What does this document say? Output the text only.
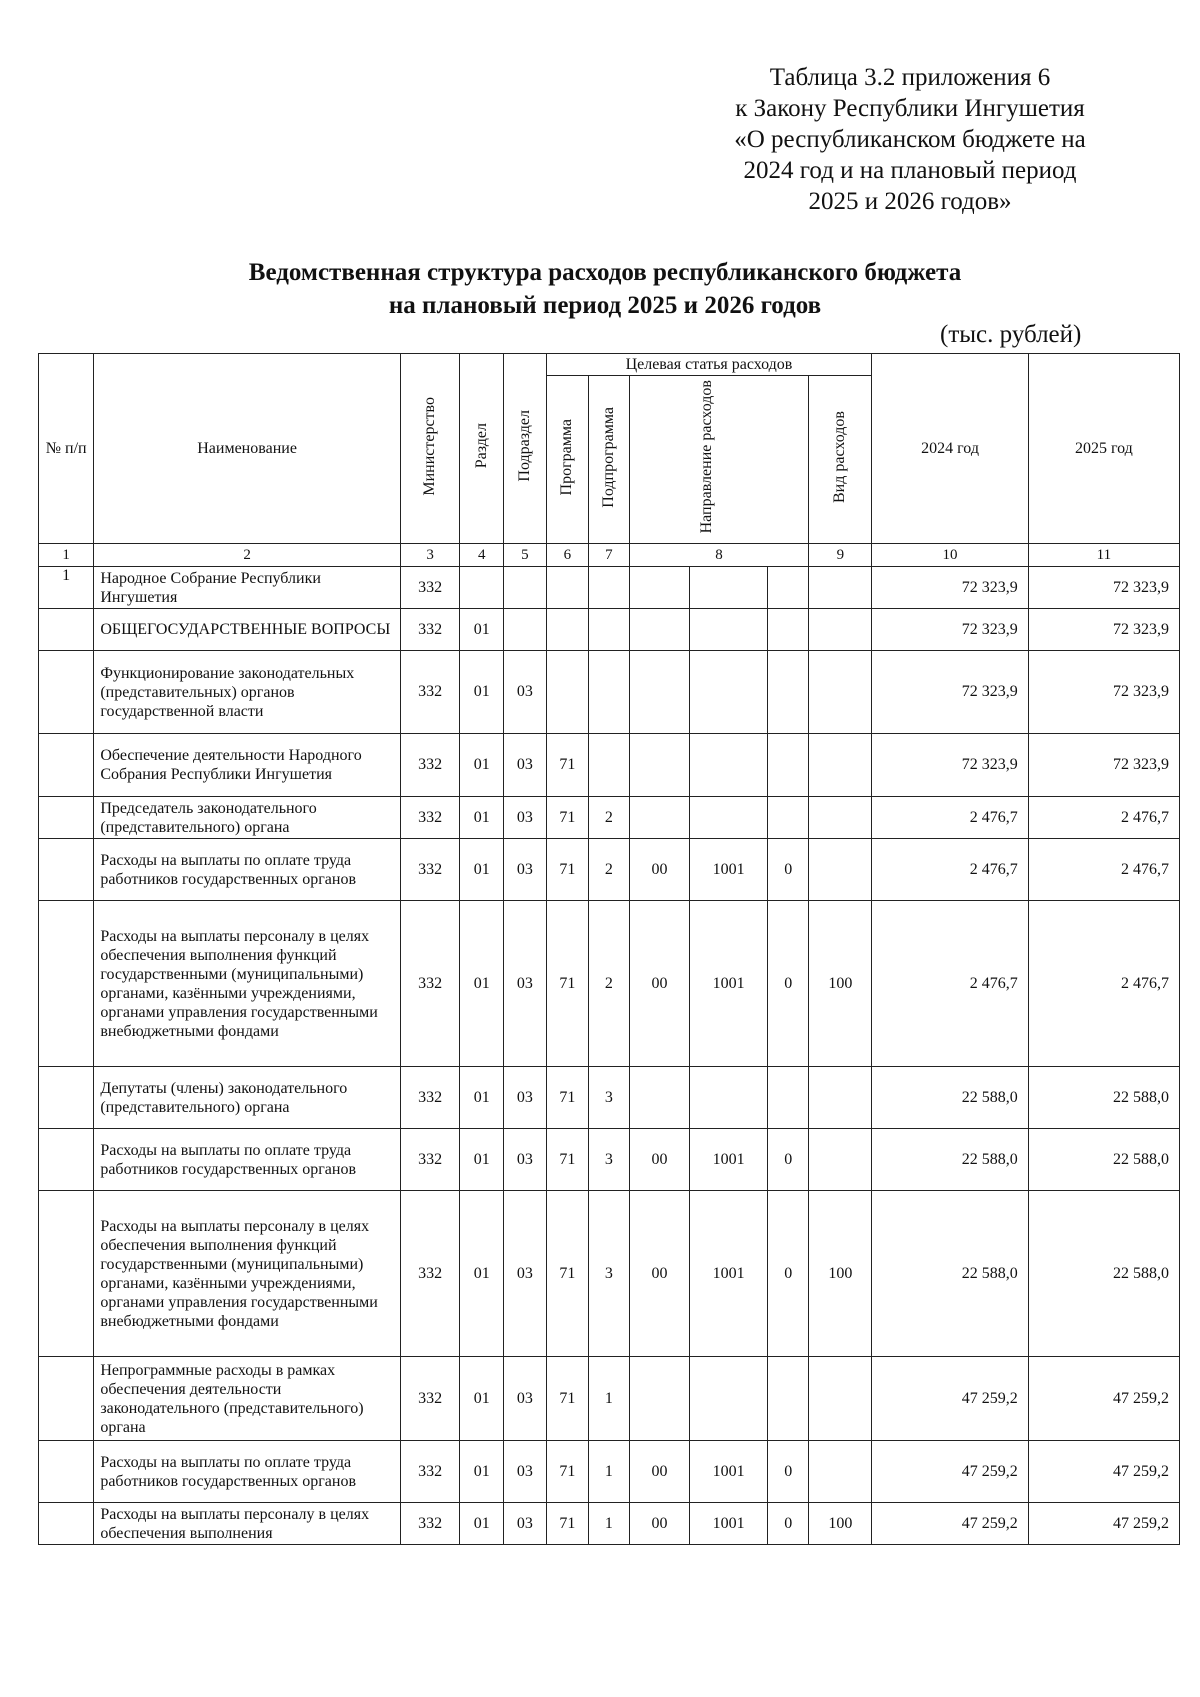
Таблица 3.2 приложения 6
к Закону Республики Ингушетия
«О республиканском бюджете на
2024 год и на плановый период
2025 и 2026 годов»
Ведомственная структура расходов республиканского бюджета
на плановый период 2025 и 2026 годов
(тыс. рублей)
№ п/п	Наименование	Министерство	Раздел	Подраздел	Целевая статья расходов						2024 год	2025 год
					Программа	Подпрограмма	Направление расходов			Вид расходов		
1	2	3	4	5	6	7	8			9	10	11
1	Народное Собрание Республики Ингушетия	332									72 323,9	72 323,9
	ОБЩЕГОСУДАРСТВЕННЫЕ ВОПРОСЫ	332	01								72 323,9	72 323,9
	Функционирование законодательных (представительных) органов государственной власти	332	01	03							72 323,9	72 323,9
	Обеспечение деятельности Народного Собрания Республики Ингушетия	332	01	03	71						72 323,9	72 323,9
	Председатель законодательного (представительного) органа	332	01	03	71	2					2 476,7	2 476,7
	Расходы на выплаты по оплате труда работников государственных органов	332	01	03	71	2	00	1001	0		2 476,7	2 476,7
	Расходы на выплаты персоналу в целях обеспечения выполнения функций государственными (муниципальными) органами, казёнными учреждениями, органами управления государственными внебюджетными фондами	332	01	03	71	2	00	1001	0	100	2 476,7	2 476,7
	Депутаты (члены) законодательного (представительного) органа	332	01	03	71	3					22 588,0	22 588,0
	Расходы на выплаты по оплате труда работников государственных органов	332	01	03	71	3	00	1001	0		22 588,0	22 588,0
	Расходы на выплаты персоналу в целях обеспечения выполнения функций государственными (муниципальными) органами, казёнными учреждениями, органами управления государственными внебюджетными фондами	332	01	03	71	3	00	1001	0	100	22 588,0	22 588,0
	Непрограммные расходы в рамках обеспечения деятельности законодательного (представительного) органа	332	01	03	71	1					47 259,2	47 259,2
	Расходы на выплаты по оплате труда работников государственных органов	332	01	03	71	1	00	1001	0		47 259,2	47 259,2
	Расходы на выплаты персоналу в целях обеспечения выполнения	332	01	03	71	1	00	1001	0	100	47 259,2	47 259,2
